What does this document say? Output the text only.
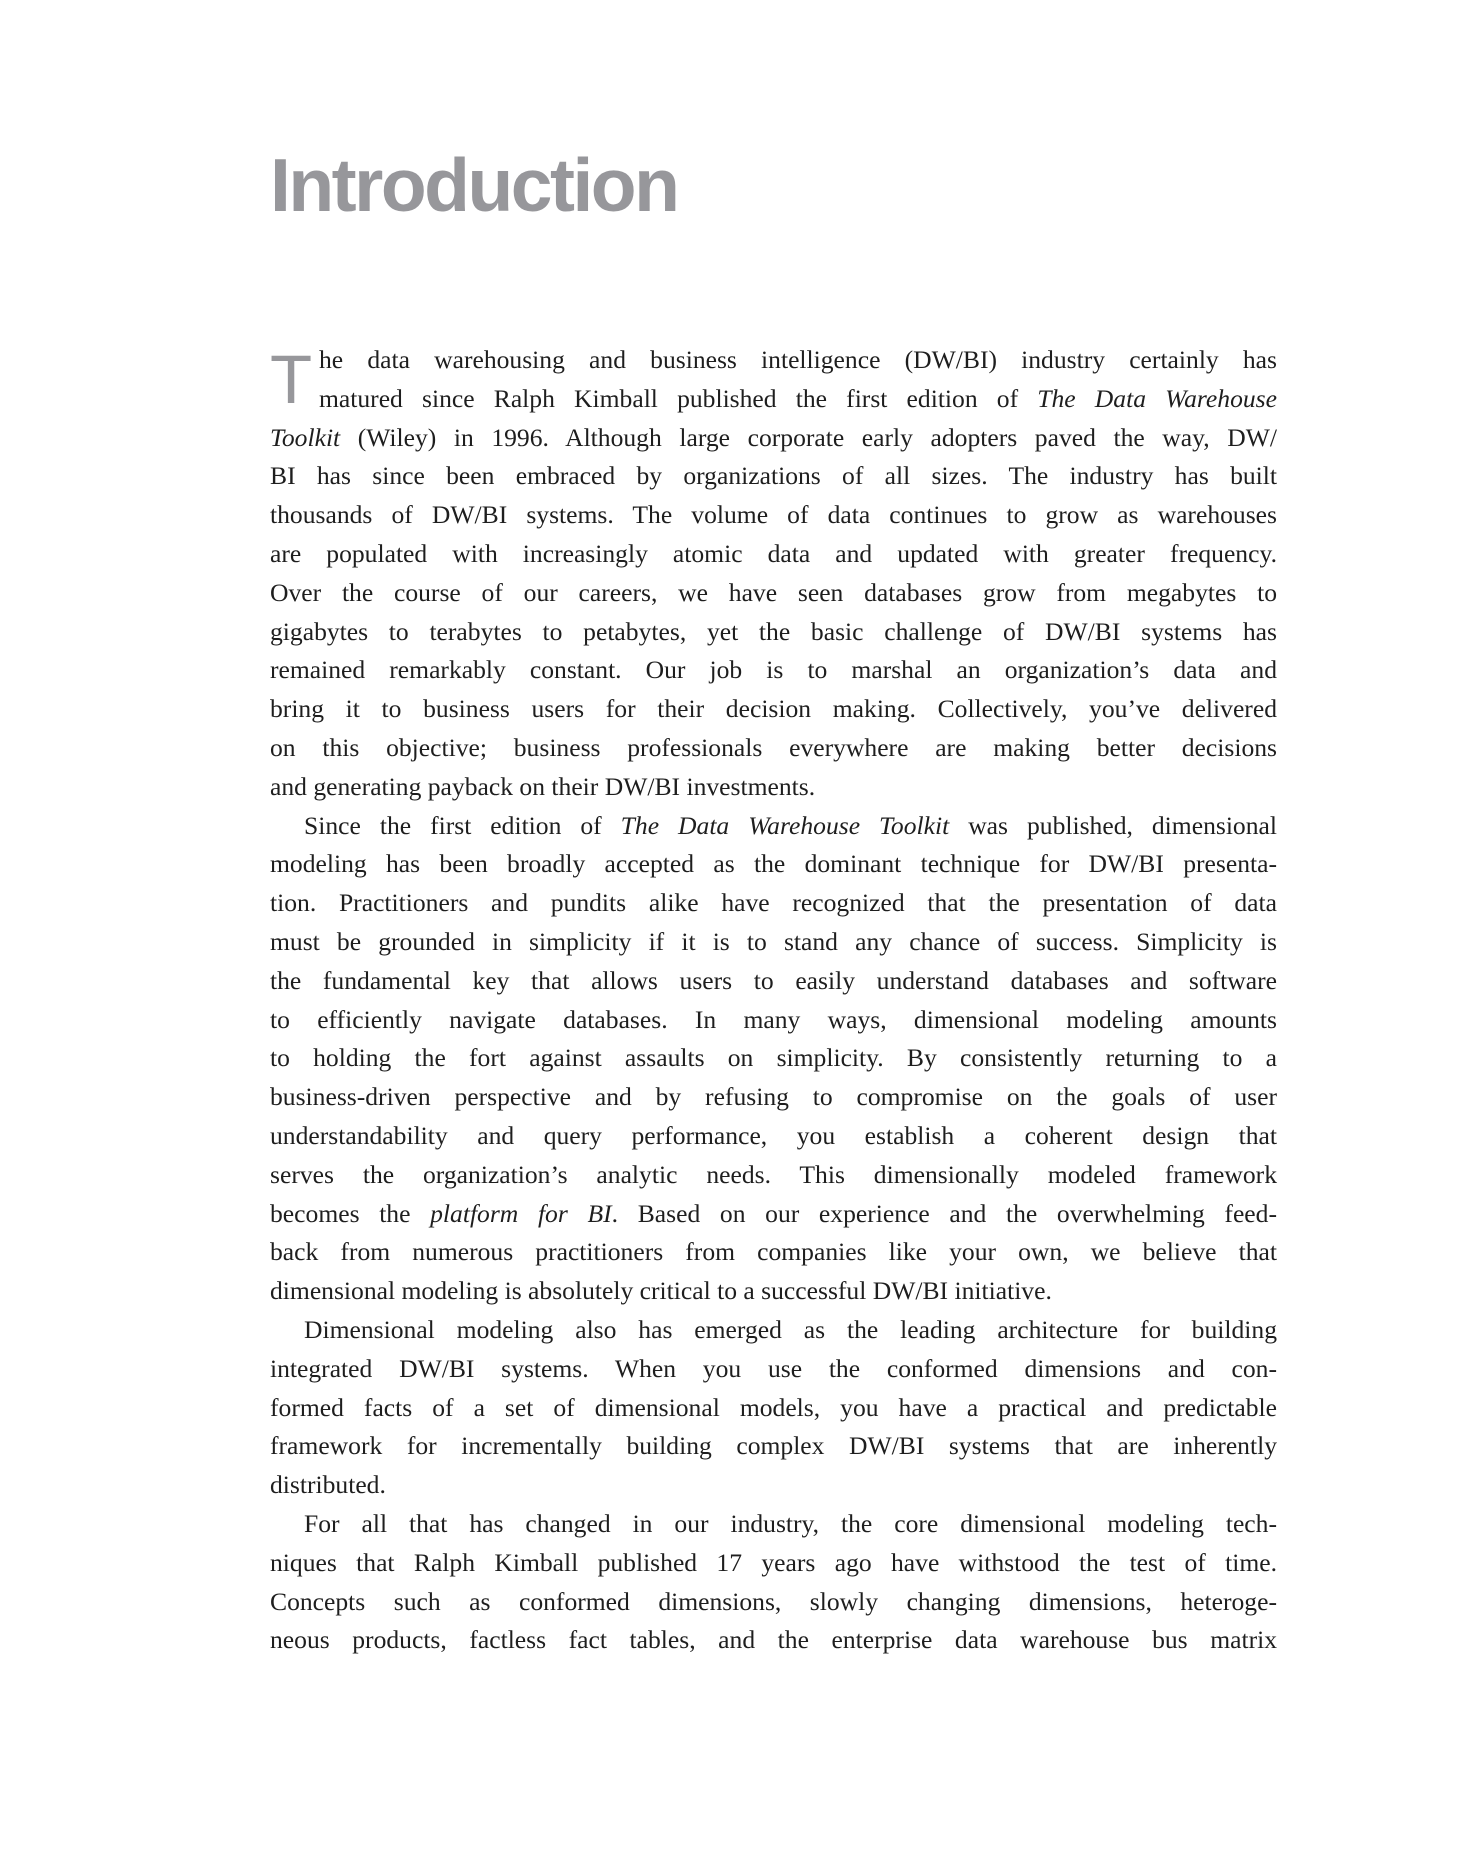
Introduction
T he data warehousing and business intelligence (DW/BI) industry certainly has
matured since Ralph Kimball published the first edition of The Data Warehouse
Toolkit (Wiley) in 1996. Although large corporate early adopters paved the way, DW/
BI has since been embraced by organizations of all sizes. The industry has built
thousands of DW/BI systems. The volume of data continues to grow as warehouses
are populated with increasingly atomic data and updated with greater frequency.
Over the course of our careers, we have seen databases grow from megabytes to
gigabytes to terabytes to petabytes, yet the basic challenge of DW/BI systems has
remained remarkably constant. Our job is to marshal an organization’s data and
bring it to business users for their decision making. Collectively, you’ve delivered
on this objective; business professionals everywhere are making better decisions
and generating payback on their DW/BI investments.
Since the first edition of The Data Warehouse Toolkit was published, dimensional
modeling has been broadly accepted as the dominant technique for DW/BI presenta-
tion. Practitioners and pundits alike have recognized that the presentation of data
must be grounded in simplicity if it is to stand any chance of success. Simplicity is
the fundamental key that allows users to easily understand databases and software
to efficiently navigate databases. In many ways, dimensional modeling amounts
to holding the fort against assaults on simplicity. By consistently returning to a
business-driven perspective and by refusing to compromise on the goals of user
understandability and query performance, you establish a coherent design that
serves the organization’s analytic needs. This dimensionally modeled framework
becomes the platform for BI. Based on our experience and the overwhelming feed-
back from numerous practitioners from companies like your own, we believe that
dimensional modeling is absolutely critical to a successful DW/BI initiative.
Dimensional modeling also has emerged as the leading architecture for building
integrated DW/BI systems. When you use the conformed dimensions and con-
formed facts of a set of dimensional models, you have a practical and predictable
framework for incrementally building complex DW/BI systems that are inherently
distributed.
For all that has changed in our industry, the core dimensional modeling tech-
niques that Ralph Kimball published 17 years ago have withstood the test of time.
Concepts such as conformed dimensions, slowly changing dimensions, heteroge-
neous products, factless fact tables, and the enterprise data warehouse bus matrix
